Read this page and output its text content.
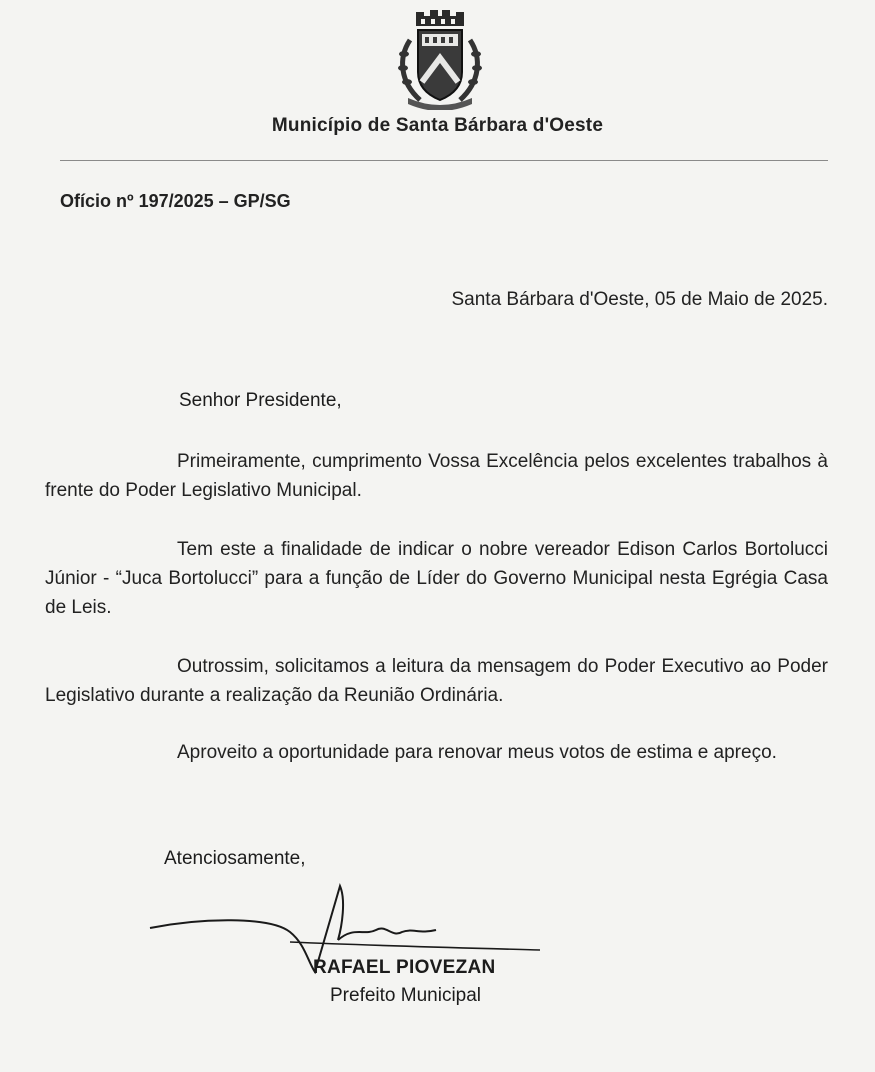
Município de Santa Bárbara d'Oeste
Ofício nº 197/2025 – GP/SG
Santa Bárbara d'Oeste, 05 de Maio de 2025.
Senhor Presidente,
Primeiramente, cumprimento Vossa Excelência pelos excelentes trabalhos à frente do Poder Legislativo Municipal.
Tem este a finalidade de indicar o nobre vereador Edison Carlos Bortolucci Júnior - “Juca Bortolucci” para a função de Líder do Governo Municipal nesta Egrégia Casa de Leis.
Outrossim, solicitamos a leitura da mensagem do Poder Executivo ao Poder Legislativo durante a realização da Reunião Ordinária.
Aproveito a oportunidade para renovar meus votos de estima e apreço.
Atenciosamente,
RAFAEL PIOVEZAN
Prefeito Municipal
